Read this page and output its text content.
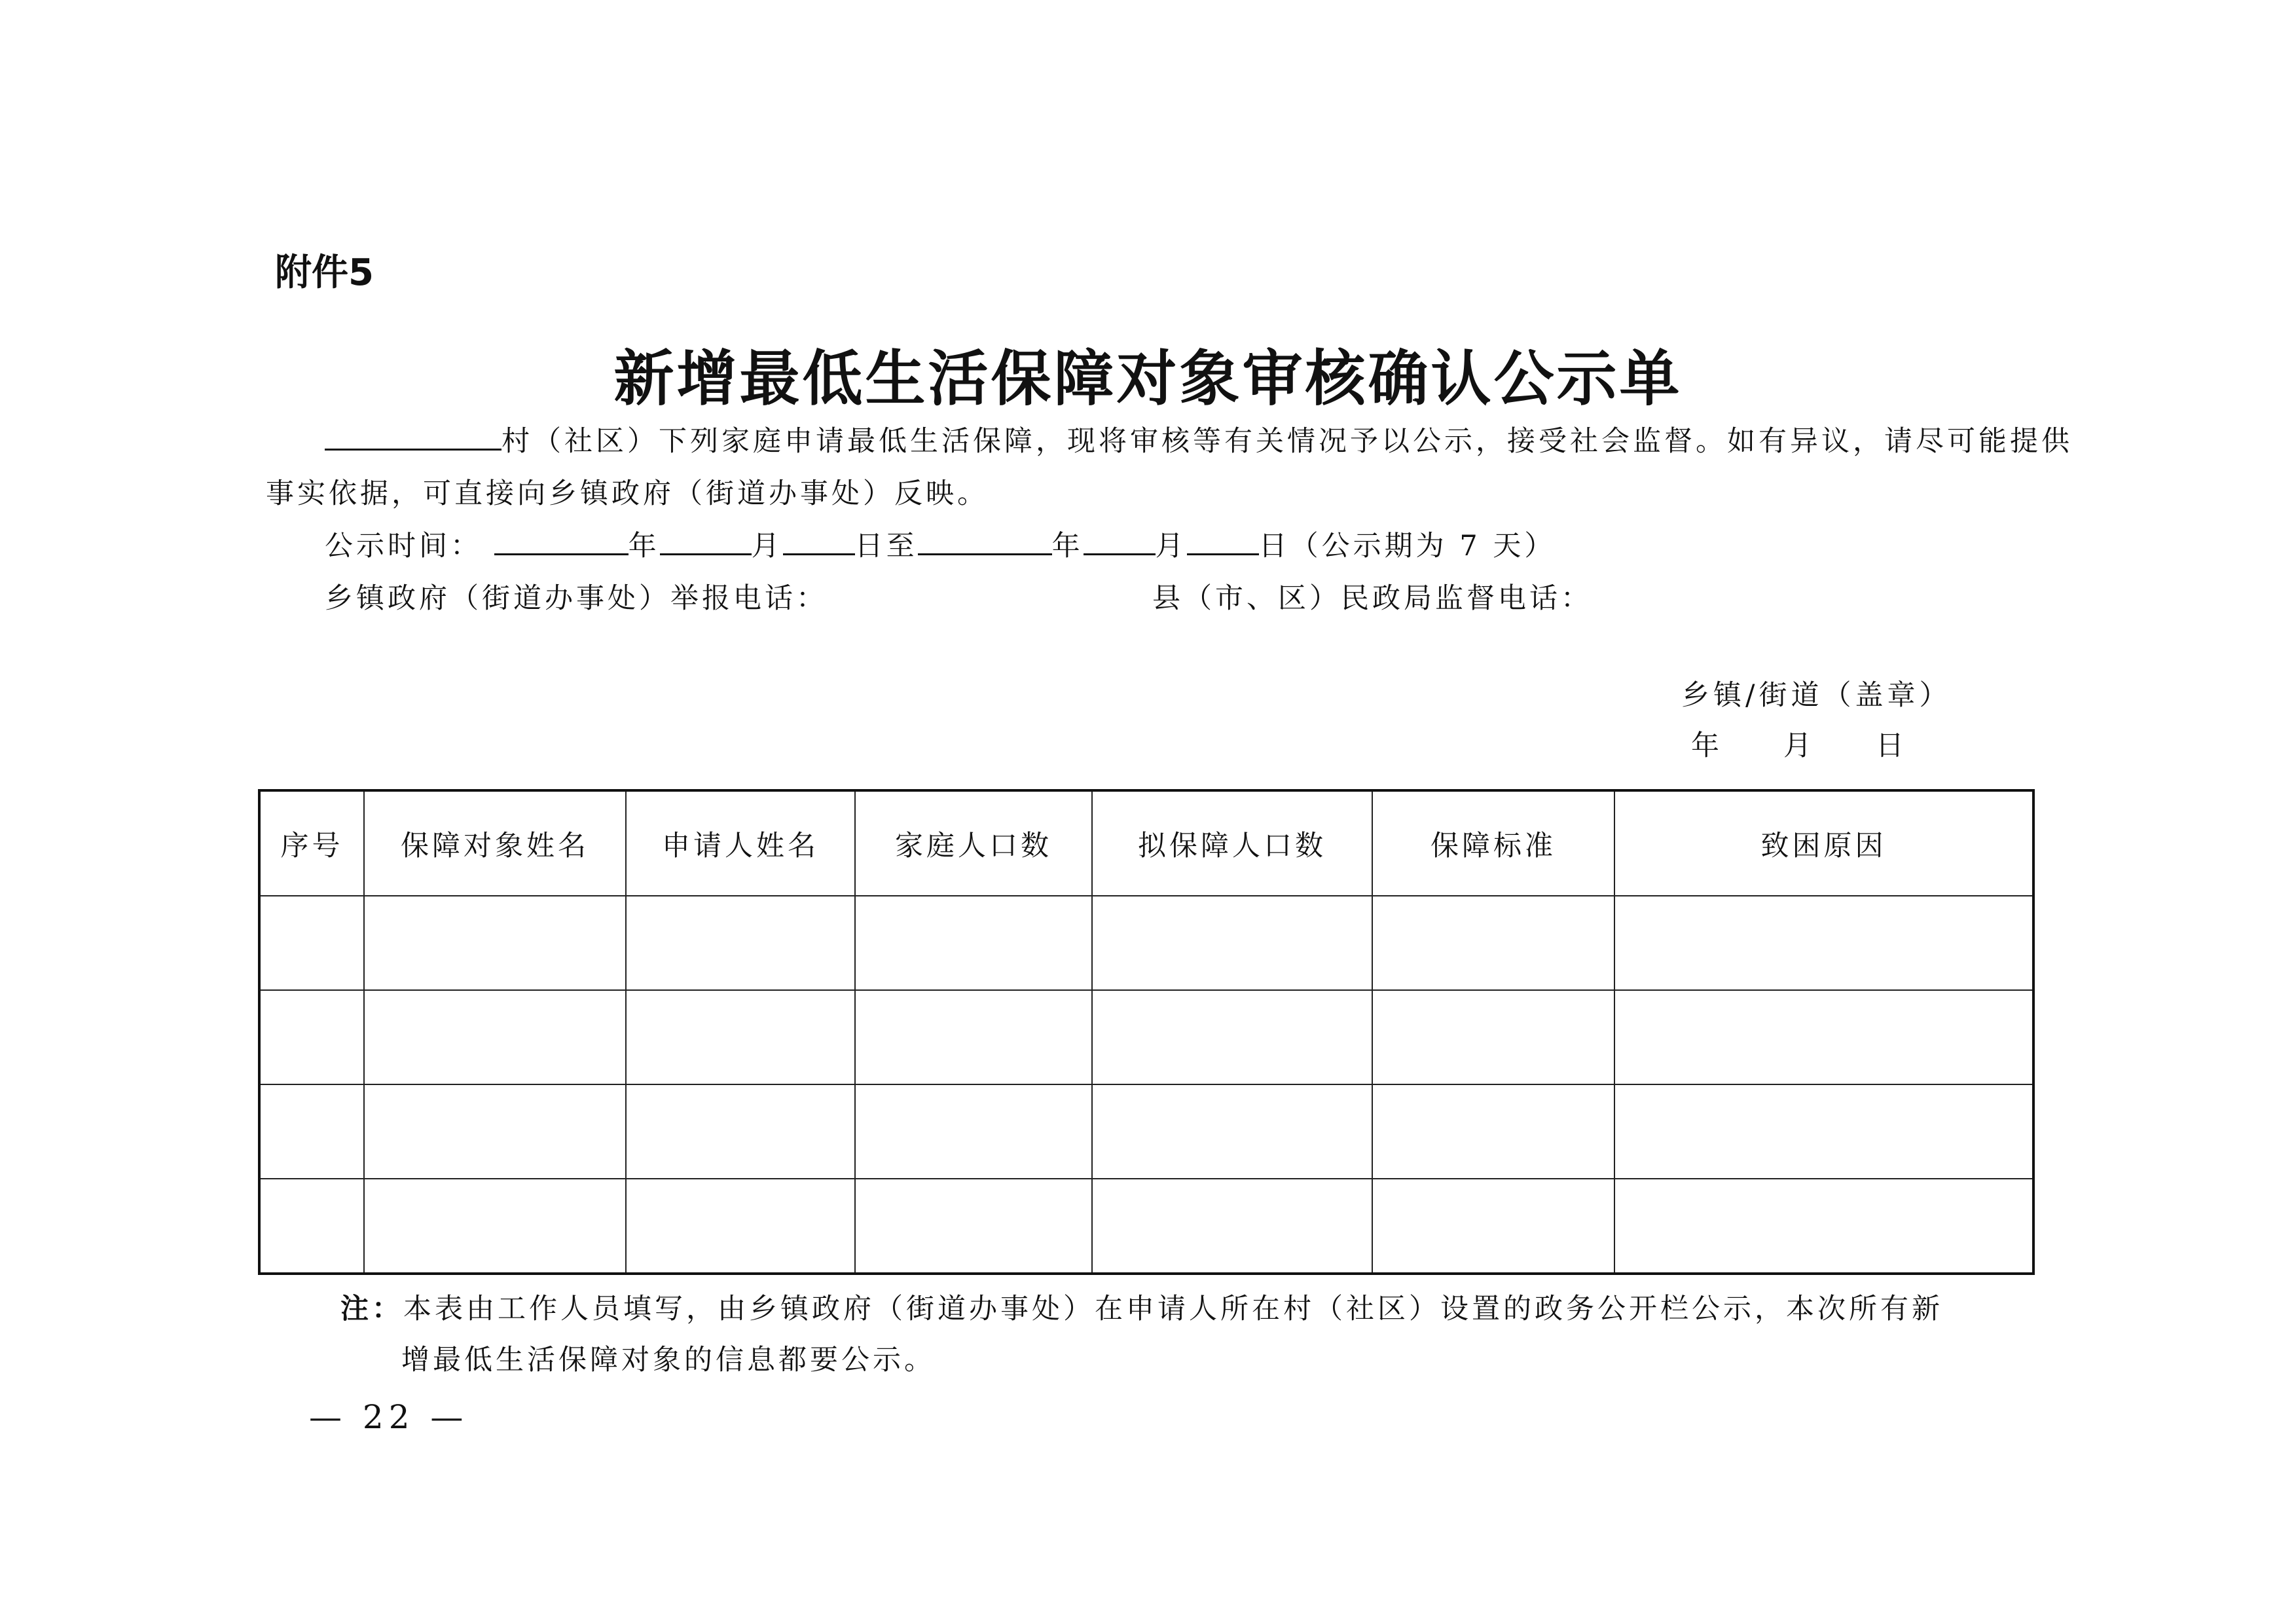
附件5
新增最低生活保障对象审核确认公示单
村（社区）下列家庭申请最低生活保障，现将审核等有关情况予以公示，接受社会监督。如有异议，请尽可能提供
事实依据，可直接向乡镇政府（街道办事处）反映。
公示时间：	年	月	日至	年	月	日（公示期为 7 天）
乡镇政府（街道办事处）举报电话：	县（市、区）民政局监督电话：
乡镇/街道（盖章）
年　　月　　日
序号	保障对象姓名	申请人姓名	家庭人口数	拟保障人口数	保障标准	致困原因

注：本表由工作人员填写，由乡镇政府（街道办事处）在申请人所在村（社区）设置的政务公开栏公示，本次所有新
增最低生活保障对象的信息都要公示。
— 22 —
